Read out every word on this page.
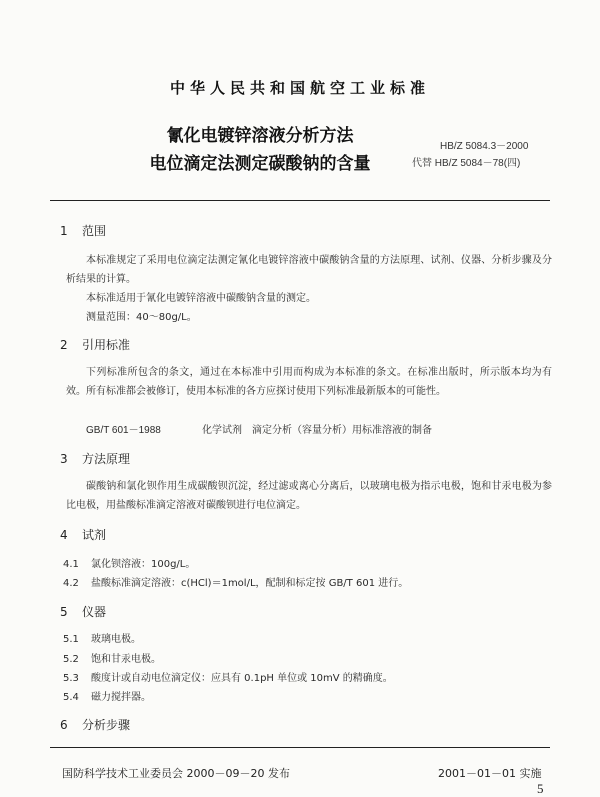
中华人民共和国航空工业标准
氰化电镀锌溶液分析方法
电位滴定法测定碳酸钠的含量
HB/Z 5084.3－2000
代替 HB/Z 5084－78(四)
1 范围
本标准规定了采用电位滴定法测定氰化电镀锌溶液中碳酸钠含量的方法原理、试剂、仪器、分析步骤及分析结果的计算。
本标准适用于氰化电镀锌溶液中碳酸钠含量的测定。
测量范围：40～80g/L。
2 引用标准
下列标准所包含的条文，通过在本标准中引用而构成为本标准的条文。在标准出版时，所示版本均为有效。所有标准都会被修订，使用本标准的各方应探讨使用下列标准最新版本的可能性。
GB/T 601－1988	化学试剂　滴定分析（容量分析）用标准溶液的制备
3 方法原理
碳酸钠和氯化钡作用生成碳酸钡沉淀，经过滤或离心分离后，以玻璃电极为指示电极，饱和甘汞电极为参比电极，用盐酸标准滴定溶液对碳酸钡进行电位滴定。
4 试剂
4.1 氯化钡溶液：100g/L。
4.2 盐酸标准滴定溶液：c(HCl)＝1mol/L，配制和标定按 GB/T 601 进行。
5 仪器
5.1 玻璃电极。
5.2 饱和甘汞电极。
5.3 酸度计或自动电位滴定仪：应具有 0.1pH 单位或 10mV 的精确度。
5.4 磁力搅拌器。
6 分析步骤
国防科学技术工业委员会 2000－09－20 发布	2001－01－01 实施
5
